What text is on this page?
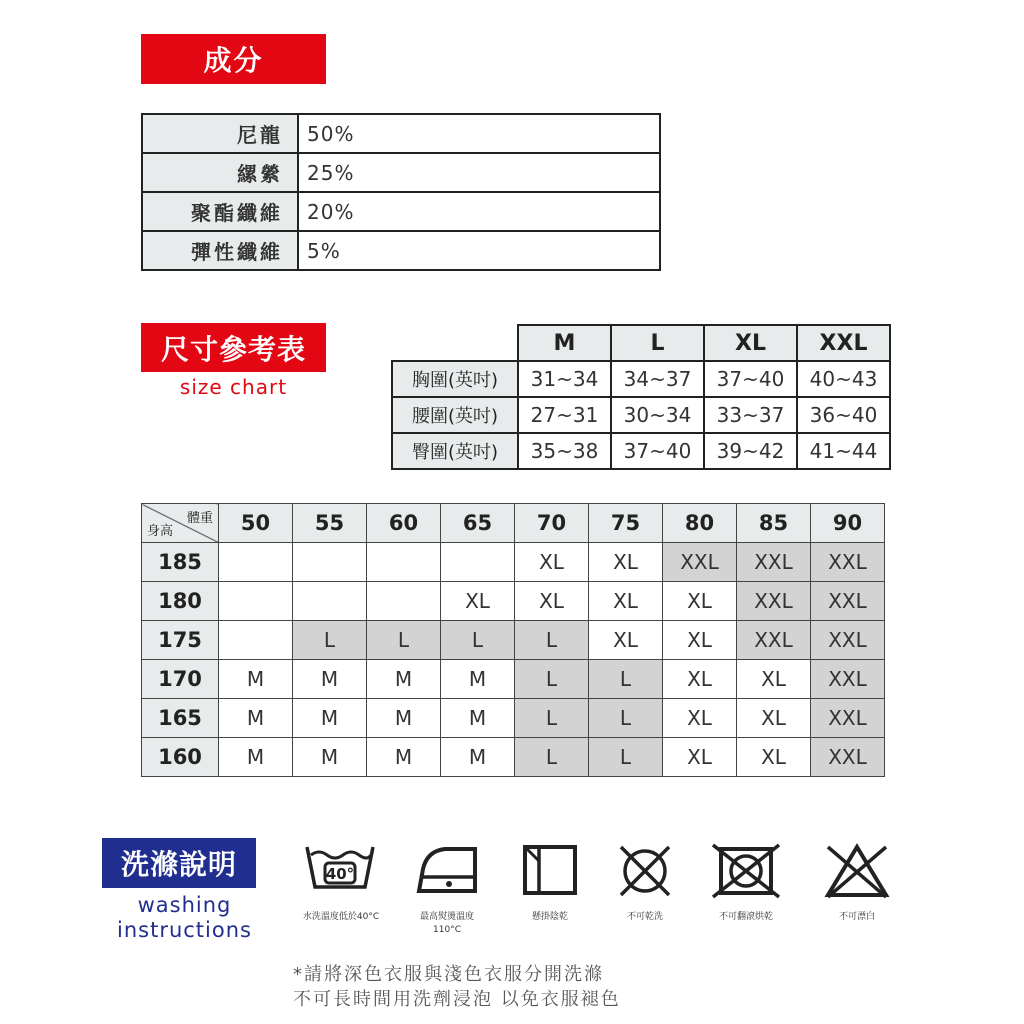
成分
尼龍	50%
縲縈	25%
聚酯纖維	20%
彈性纖維	5%
尺寸參考表
size chart
	M	L	XL	XXL
胸圍(英吋)	31~34	34~37	37~40	40~43
腰圍(英吋)	27~31	30~34	33~37	36~40
臀圍(英吋)	35~38	37~40	39~42	41~44
體重
身高	50	55	60	65	70	75	80	85	90
185					XL	XL	XXL	XXL	XXL
180				XL	XL	XL	XL	XXL	XXL
175		L	L	L	L	XL	XL	XXL	XXL
170	M	M	M	M	L	L	XL	XL	XXL
165	M	M	M	M	L	L	XL	XL	XXL
160	M	M	M	M	L	L	XL	XL	XXL
洗滌說明
washing
instructions
40°
水洗溫度低於40°C	最高熨燙溫度
110°C
懸掛陰乾	不可乾洗	不可翻滾烘乾	不可漂白
*請將深色衣服與淺色衣服分開洗滌
不可長時間用洗劑浸泡 以免衣服褪色
